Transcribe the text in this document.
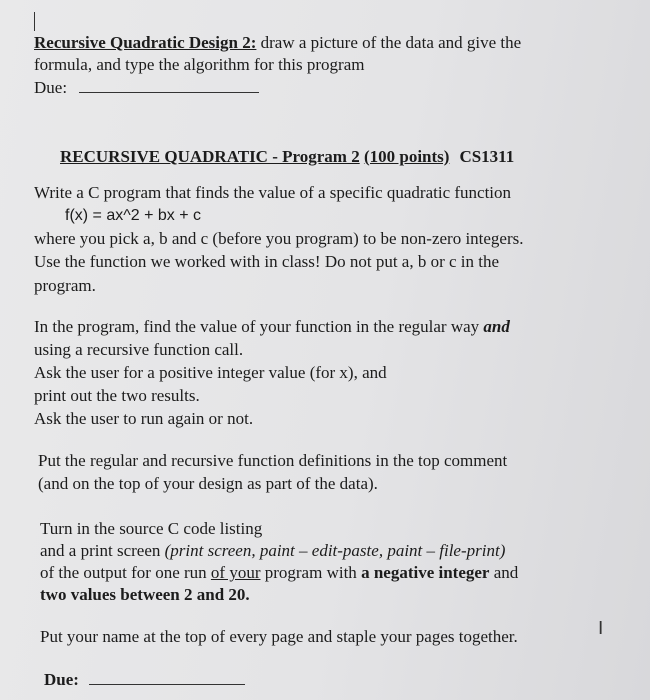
Recursive Quadratic Design 2: draw a picture of the data and give the
formula, and type the algorithm for this program
Due:
RECURSIVE QUADRATIC - Program 2 (100 points) CS1311
Write a C program that finds the value of a specific quadratic function
f(x) = ax^2 + bx + c
where you pick a, b and c (before you program) to be non-zero integers.
Use the function we worked with in class! Do not put a, b or c in the
program.
In the program, find the value of your function in the regular way and
using a recursive function call.
Ask the user for a positive integer value (for x), and
print out the two results.
Ask the user to run again or not.
Put the regular and recursive function definitions in the top comment
(and on the top of your design as part of the data).
Turn in the source C code listing
and a print screen (print screen, paint – edit-paste, paint – file-print)
of the output for one run of your program with a negative integer and
two values between 2 and 20.
Put your name at the top of every page and staple your pages together.	I
Due:
